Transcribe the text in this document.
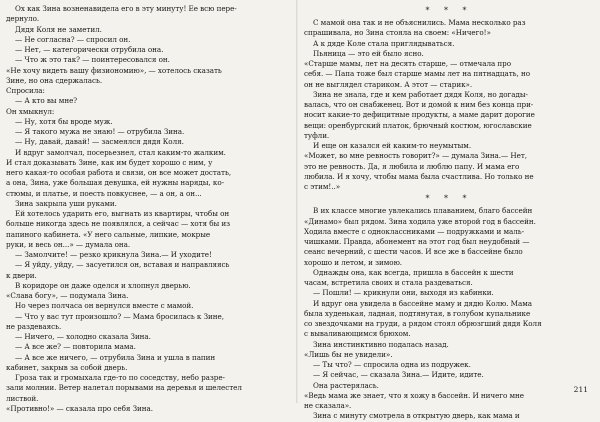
Ох как Зина возненавидела его в эту минуту! Ее всю пере-
дернуло.
Дядя Коля не заметил.
— Не согласна? — спросил он.
— Нет, — категорически отрубила она.
— Что ж это так? — поинтересовался он.
«Не хочу видеть вашу физиономию», — хотелось сказать
Зине, но она сдержалась.
Спросила:
— А кто вы мне?
Он хмыкнул:
— Ну, хотя бы вроде муж.
— Я такого мужа не знаю! — отрубила Зина.
— Ну, давай, давай! — засмеялся дядя Коля.
И вдруг замолчал, посерьезнел, стал каким-то жалким.
И стал доказывать Зине, как им будет хорошо с ним, у
него какая-то особая работа и связи, он все может достать,
а она, Зина, уже большая девушка, ей нужны наряды, ко-
стюмы, и платье, и поесть повкуснее, — а он, а он...
Зина закрыла уши руками.
Ей хотелось ударить его, выгнать из квартиры, чтобы он
больше никогда здесь не появлялся, а сейчас — хотя бы из
папиного кабинета. «У него сальные, липкие, мокрые
руки, и весь он...» — думала она.
— Замолчите! — резко крикнула Зина.— И уходите!
— Я уйду, уйду, — засуетился он, вставая и направляясь
к двери.
В коридоре он даже оделся и хлопнул дверью.
«Слава богу», — подумала Зина.
Но через полчаса он вернулся вместе с мамой.
— Что у вас тут произошло? — Мама бросилась к Зине,
не раздеваясь.
— Ничего, — холодно сказала Зина.
— А все же? — повторила мама.
— А все же ничего, — отрубила Зина и ушла в папин
кабинет, закрыв за собой дверь.
Гроза так и громыхала где-то по соседству, небо разре-
зали молнии. Ветер налетал порывами на деревья и шелестел
листвой.
«Противно!» — сказала про себя Зина.
* * *
С мамой она так и не объяснились. Мама несколько раз
спрашивала, но Зина стояла на своем: «Ничего!»
А к дяде Коле стала приглядываться.
Пьяница — это ей было ясно.
«Старше мамы, лет на десять старше, — отмечала про
себя. — Папа тоже был старше мамы лет на пятнадцать, но
он не выглядел стариком. А этот — старик».
Зина не знала, где и кем работает дядя Коля, но догады-
валась, что он снабженец. Вот и домой к ним без конца при-
носит какие-то дефицитные продукты, а маме дарит дорогие
вещи: оренбургский платок, брючный костюм, югославские
туфли.
И еще он казался ей каким-то неумытым.
«Может, во мне ревность говорит?» — думала Зина.— Нет,
это не ревность. Да, я любила и люблю папу. И мама его
любила. И я хочу, чтобы мама была счастлива. Но только не
с этим!..»
* * *
В их классе многие увлекались плаванием, благо бассейн
«Динамо» был рядом. Зина ходила уже второй год в бассейн.
Ходила вместе с одноклассниками — подружками и маль-
чишками. Правда, абонемент на этот год был неудобный —
сеанс вечерний, с шести часов. И все же в бассейне было
хорошо и летом, и зимою.
Однажды она, как всегда, пришла в бассейн к шести
часам, встретила своих и стала раздеваться.
— Пошли! — крикнули они, выходя из кабинки.
И вдруг она увидела в бассейне маму и дядю Колю. Мама
была худенькая, ладная, подтянутая, в голубом купальнике
со звездочками на груди, а рядом стоял обрюзгший дядя Коля
с вываливающимся брюхом.
Зина инстинктивно подалась назад.
«Лишь бы не увидели».
— Ты что? — спросила одна из подружек.
— Я сейчас, — сказала Зина.— Идите, идите.
Она растерялась.
«Ведь мама же знает, что я хожу в бассейн. И ничего мне
не сказала».
Зина с минуту смотрела в открытую дверь, как мама и
211
